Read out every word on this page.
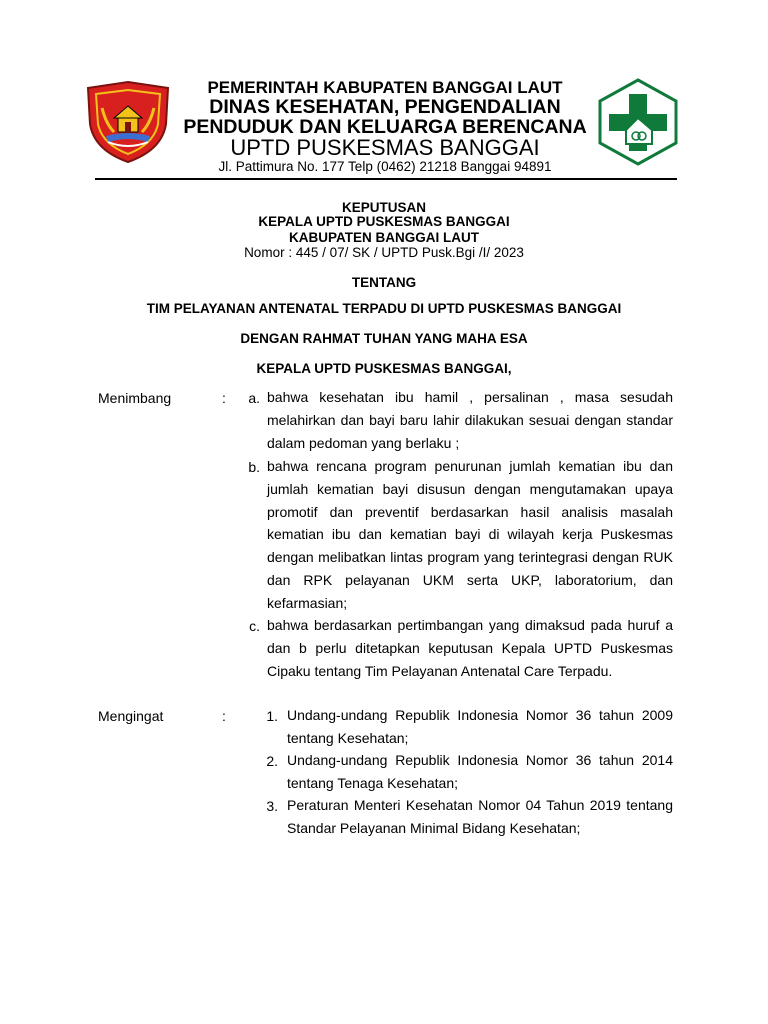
PEMERINTAH KABUPATEN BANGGAI LAUT
DINAS KESEHATAN, PENGENDALIAN
PENDUDUK DAN KELUARGA BERENCANA
UPTD PUSKESMAS BANGGAI
Jl. Pattimura No. 177 Telp (0462) 21218 Banggai 94891
KEPUTUSAN
KEPALA UPTD PUSKESMAS BANGGAI
KABUPATEN BANGGAI LAUT
Nomor : 445 / 07/ SK / UPTD Pusk.Bgi /I/ 2023
TENTANG
TIM PELAYANAN ANTENATAL TERPADU DI UPTD PUSKESMAS BANGGAI
DENGAN RAHMAT TUHAN YANG MAHA ESA
KEPALA UPTD PUSKESMAS BANGGAI,
Menimbang	:	a. bahwa kesehatan ibu hamil , persalinan , masa sesudah melahirkan dan bayi baru lahir dilakukan sesuai dengan standar dalam pedoman yang berlaku ;
b. bahwa rencana program penurunan jumlah kematian ibu dan jumlah kematian bayi disusun dengan mengutamakan upaya promotif dan preventif berdasarkan hasil analisis masalah kematian ibu dan kematian bayi di wilayah kerja Puskesmas dengan melibatkan lintas program yang terintegrasi dengan RUK dan RPK pelayanan UKM serta UKP, laboratorium, dan kefarmasian;
c. bahwa berdasarkan pertimbangan yang dimaksud pada huruf a dan b perlu ditetapkan keputusan Kepala UPTD Puskesmas Cipaku tentang Tim Pelayanan Antenatal Care Terpadu.
Mengingat	:	1. Undang-undang Republik Indonesia Nomor 36 tahun 2009 tentang Kesehatan;
2. Undang-undang Republik Indonesia Nomor 36 tahun 2014 tentang Tenaga Kesehatan;
3. Peraturan Menteri Kesehatan Nomor 04 Tahun 2019 tentang Standar Pelayanan Minimal Bidang Kesehatan;
